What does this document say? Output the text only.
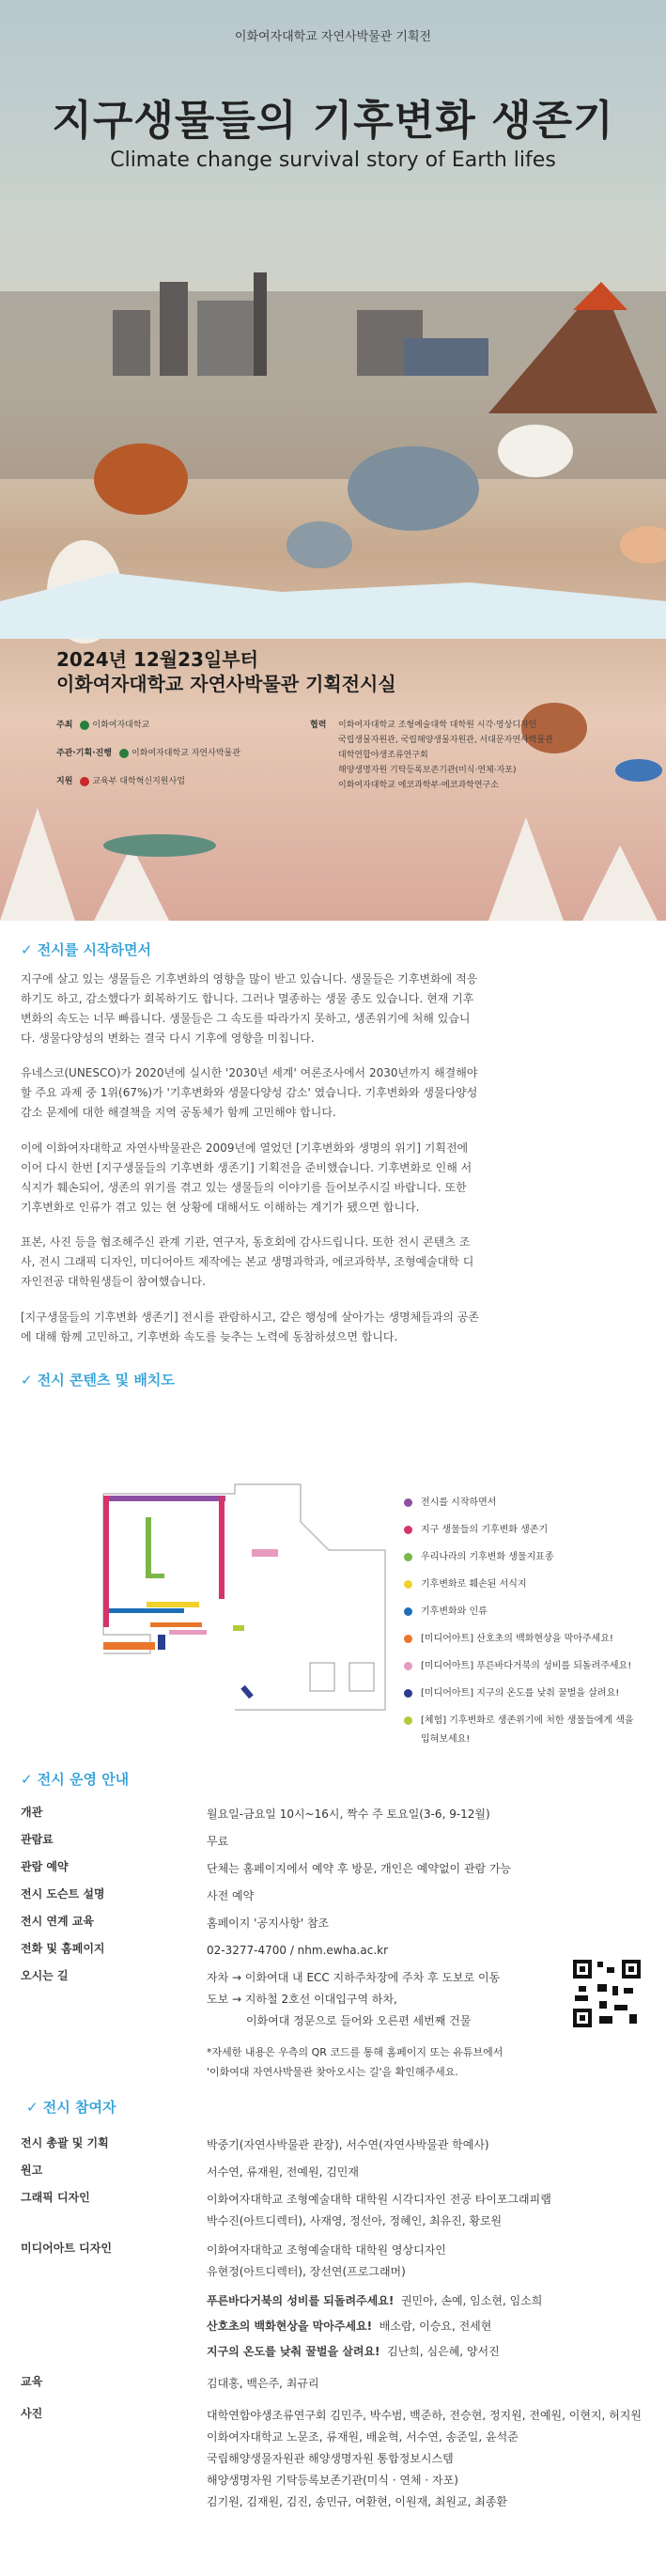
이화여자대학교 자연사박물관 기획전
지구생물들의 기후변화 생존기
Climate change survival story of Earth lifes
2024년 12월23일부터
이화여자대학교 자연사박물관 기획전시실
주최 이화여자대학교
주관·기획·진행 이화여자대학교 자연사박물관
지원 교육부 대학혁신지원사업
협력 이화여자대학교 조형예술대학 대학원 시각·영상디자인
국립생물자원관, 국립해양생물자원관, 서대문자연사박물관
대학연합야생조류연구회
해양생명자원 기탁등록보존기관(미식·연체·자포)
이화여자대학교 에코과학부·에코과학연구소
✓ 전시를 시작하면서
지구에 살고 있는 생물들은 기후변화의 영향을 많이 받고 있습니다. 생물들은 기후변화에 적응
하기도 하고, 감소했다가 회복하기도 합니다. 그러나 멸종하는 생물 종도 있습니다. 현재 기후
변화의 속도는 너무 빠릅니다. 생물들은 그 속도를 따라가지 못하고, 생존위기에 처해 있습니
다. 생물다양성의 변화는 결국 다시 기후에 영향을 미칩니다.
유네스코(UNESCO)가 2020년에 실시한 '2030년 세계' 여론조사에서 2030년까지 해결해야
할 주요 과제 중 1위(67%)가 '기후변화와 생물다양성 감소' 였습니다. 기후변화와 생물다양성
감소 문제에 대한 해결책을 지역 공동체가 함께 고민해야 합니다.
이에 이화여자대학교 자연사박물관은 2009년에 열었던 [기후변화와 생명의 위기] 기획전에
이어 다시 한번 [지구생물들의 기후변화 생존기] 기획전을 준비했습니다. 기후변화로 인해 서
식지가 훼손되어, 생존의 위기를 겪고 있는 생물들의 이야기를 들어보주시길 바랍니다. 또한
기후변화로 인류가 겪고 있는 현 상황에 대해서도 이해하는 계기가 됐으면 합니다.
표본, 사진 등을 협조해주신 관계 기관, 연구자, 동호회에 감사드립니다. 또한 전시 콘텐츠 조
사, 전시 그래픽 디자인, 미디어아트 제작에는 본교 생명과학과, 에코과학부, 조형예술대학 디
자인전공 대학원생들이 참여했습니다.
[지구생물들의 기후변화 생존기] 전시를 관람하시고, 같은 행성에 살아가는 생명체들과의 공존
에 대해 함께 고민하고, 기후변화 속도를 늦추는 노력에 동참하셨으면 합니다.
✓ 전시 콘텐츠 및 배치도
전시를 시작하면서
지구 생물들의 기후변화 생존기
우리나라의 기후변화 생물지표종
기후변화로 훼손된 서식지
기후변화와 인류
[미디어아트] 산호초의 백화현상을 막아주세요!
[미디어아트] 푸른바다거북의 성비를 되돌려주세요!
[미디어아트] 지구의 온도를 낮춰 꿀벌을 살려요!
[체험] 기후변화로 생존위기에 처한 생물들에게 색을 입혀보세요!
✓ 전시 운영 안내
개관	월요일-금요일 10시~16시, 짝수 주 토요일(3-6, 9-12월)
관람료	무료
관람 예약	단체는 홈페이지에서 예약 후 방문, 개인은 예약없이 관람 가능
전시 도슨트 설명	사전 예약
전시 연계 교육	홈페이지 '공지사항' 참조
전화 및 홈페이지	02-3277-4700 / nhm.ewha.ac.kr
오시는 길	자차 → 이화여대 내 ECC 지하주차장에 주차 후 도보로 이동
도보 → 지하철 2호선 이대입구역 하차,
이화여대 정문으로 들어와 오른편 세번째 건물
*자세한 내용은 우측의 QR 코드를 통해 홈페이지 또는 유튜브에서
'이화여대 자연사박물관 찾아오시는 길'을 확인해주세요.
✓ 전시 참여자
전시 총괄 및 기획	박중기(자연사박물관 관장), 서수연(자연사박물관 학예사)
원고	서수연, 류재원, 전예원, 김민재
그래픽 디자인	이화여자대학교 조형예술대학 대학원 시각디자인 전공 타이포그래피랩
박수진(아트디렉터), 사재영, 정선아, 정혜인, 최유진, 황로원
미디어아트 디자인	이화여자대학교 조형예술대학 대학원 영상디자인
유현정(아트디렉터), 장선연(프로그래머)
푸른바다거북의 성비를 되돌려주세요! 권민아, 손예, 임소현, 임소희
산호초의 백화현상을 막아주세요! 배소람, 이승요, 전세현
지구의 온도를 낮춰 꿀벌을 살려요! 김난희, 심은혜, 양서진
교육	김대홍, 백은주, 최규리
사진	대학연합야생조류연구회 김민주, 박수범, 백준하, 전승현, 정지원, 전예원, 이현지, 허지원
이화여자대학교 노문조, 류재원, 배윤혁, 서수연, 송준일, 윤석준
국립해양생물자원관 해양생명자원 통합정보시스템
해양생명자원 기탁등록보존기관(미식 · 연체 · 자포)
김기원, 김재원, 김진, 송민규, 여환현, 이원재, 최원교, 최종환
